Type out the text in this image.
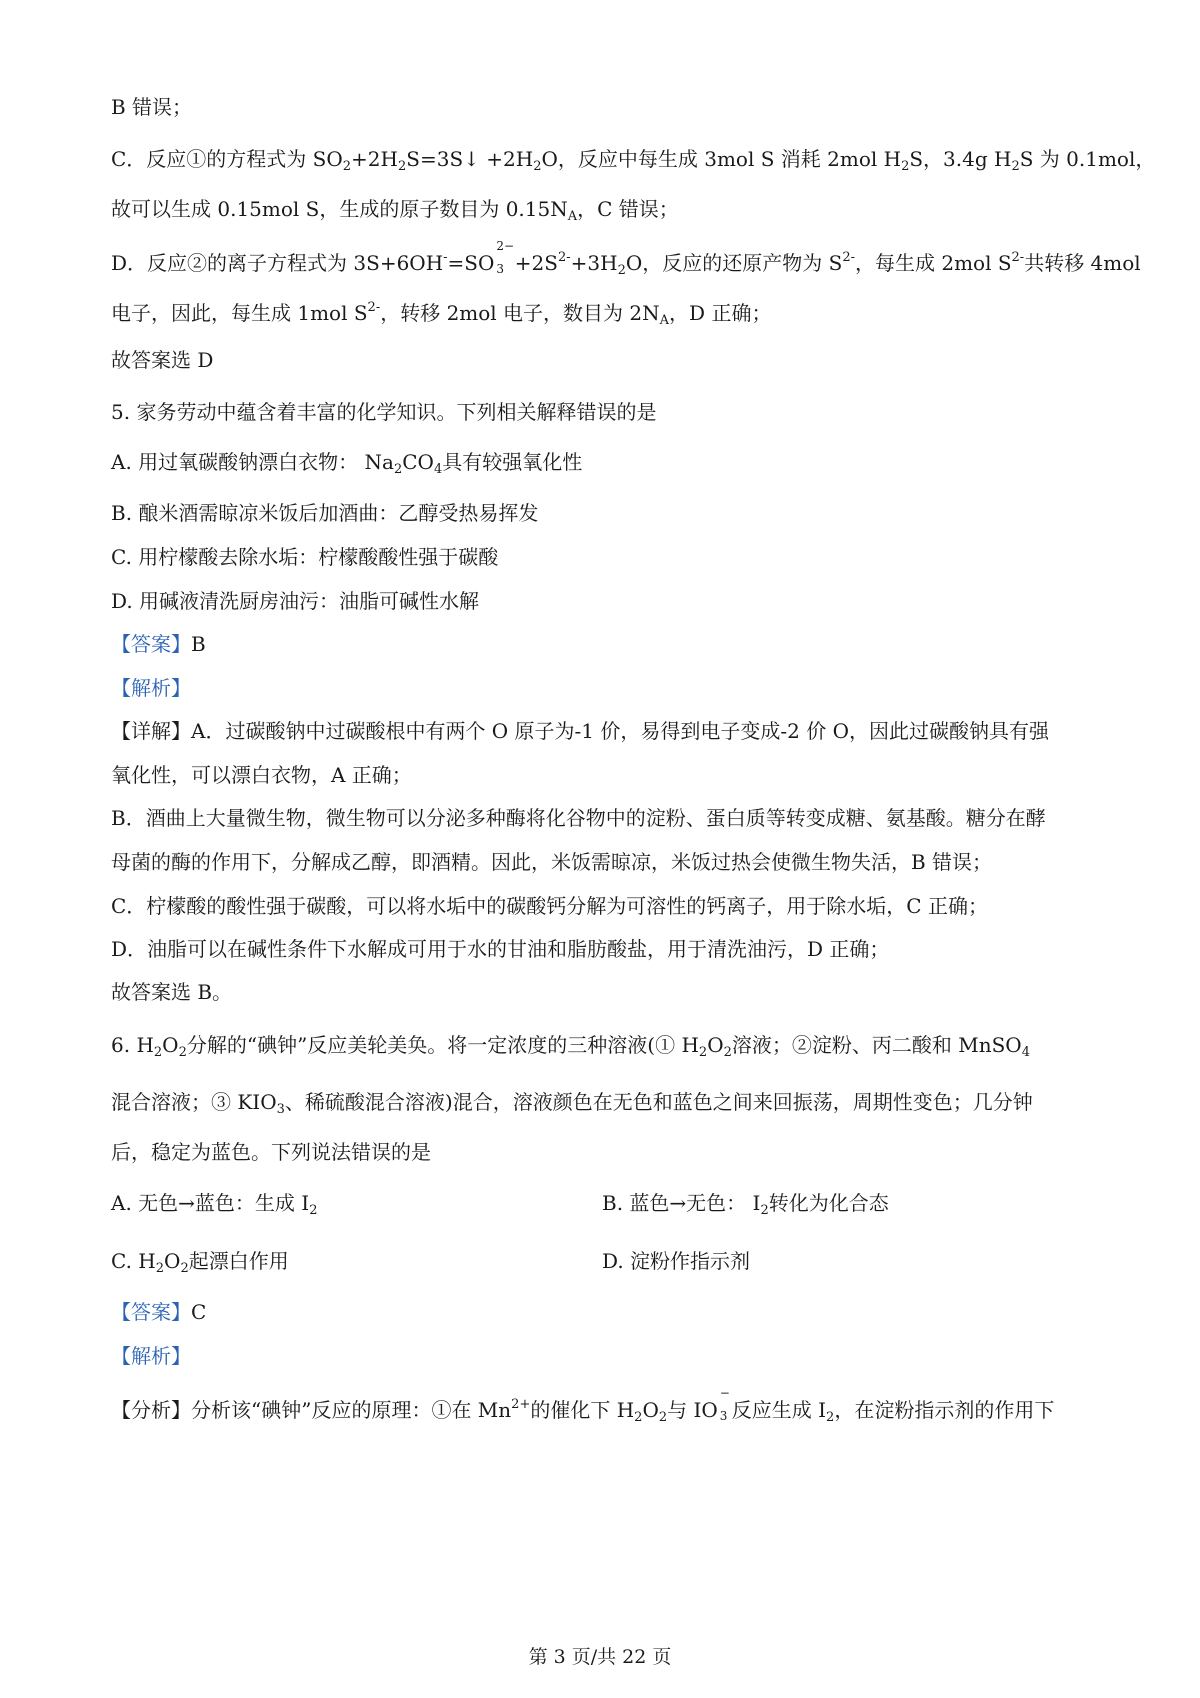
B 错误；
C．反应①的方程式为 $SO_2+2H_2S=3S↓ +2H_2O$，反应中每生成 3mol S 消耗 2mol $H_2S$，3.4g $H_2S$ 为 0.1mol，
故可以生成 0.15mol S，生成的原子数目为 $0.15N_A$，C 错误；
D．反应②的离子方程式为 3S+6OH-=SO
2−
$3 +2S^{2-}+3H_2O$，反应的还原产物为 $S^{2-}$，每生成 2mol $S^{2-}$共转移 4mol
电子，因此，每生成 1mol $S^{2-}$，转移 2mol 电子，数目为 $2N_A$，D 正确；
故答案选 D
5. 家务劳动中蕴含着丰富的化学知识。下列相关解释错误的是
A. 用过氧碳酸钠漂白衣物： $Na_2CO_4$具有较强氧化性
B. 酿米酒需晾凉米饭后加酒曲：乙醇受热易挥发
C. 用柠檬酸去除水垢：柠檬酸酸性强于碳酸
D. 用碱液清洗厨房油污：油脂可碱性水解
【答案】B
【解析】
【详解】A．过碳酸钠中过碳酸根中有两个 O 原子为-1 价，易得到电子变成-2 价 O，因此过碳酸钠具有强
氧化性，可以漂白衣物，A 正确；
B．酒曲上大量微生物，微生物可以分泌多种酶将化谷物中的淀粉、蛋白质等转变成糖、氨基酸。糖分在酵
母菌的酶的作用下，分解成乙醇，即酒精。因此，米饭需晾凉，米饭过热会使微生物失活，B 错误；
C．柠檬酸的酸性强于碳酸，可以将水垢中的碳酸钙分解为可溶性的钙离子，用于除水垢，C 正确；
D．油脂可以在碱性条件下水解成可用于水的甘油和脂肪酸盐，用于清洗油污，D 正确；
故答案选 B。
6. $H_2O_2$分解的“碘钟”反应美轮美奂。将一定浓度的三种溶液(① $H_2O_2$溶液；②淀粉、丙二酸和 MnSO$_4$
混合溶液；③ $KIO_3$、稀硫酸混合溶液)混合，溶液颜色在无色和蓝色之间来回振荡，周期性变色；几分钟
后，稳定为蓝色。下列说法错误的是
A. 无色→蓝色：生成 $I_2$	B. 蓝色→无色： $I_2$转化为化合态
C. $H_2O_2$起漂白作用	D. 淀粉作指示剂
【答案】C
【解析】
【分析】分析该“碘钟”反应的原理：①在 $Mn^{2+}$的催化下 $H_2O_2$与 IO
−
3 反应生成 $I_2$，在淀粉指示剂的作用下
第 3 页/共 22 页
